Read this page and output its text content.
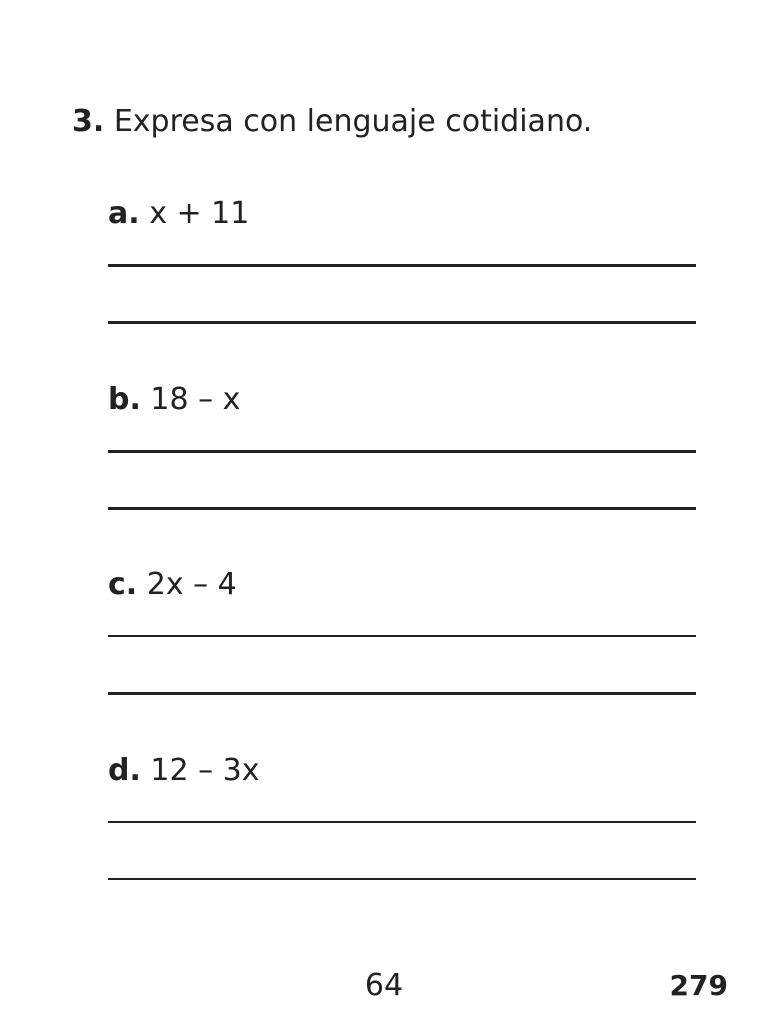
3. Expresa con lenguaje cotidiano.
a. x + 11
b. 18 – x
c. 2x – 4
d. 12 – 3x
64	279
